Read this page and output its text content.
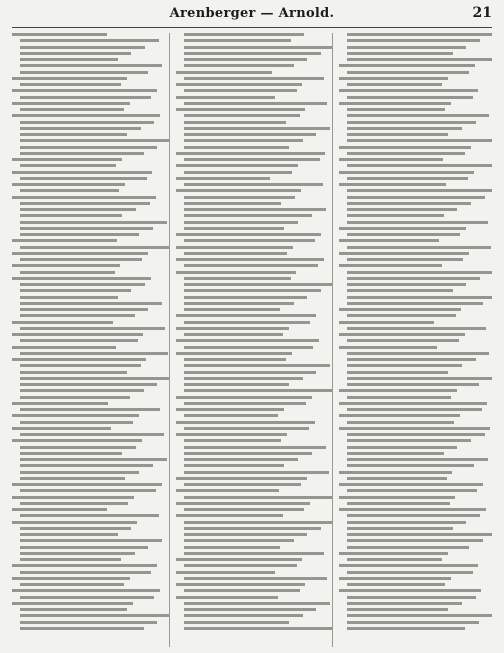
Arenberger — Arnold.	21
